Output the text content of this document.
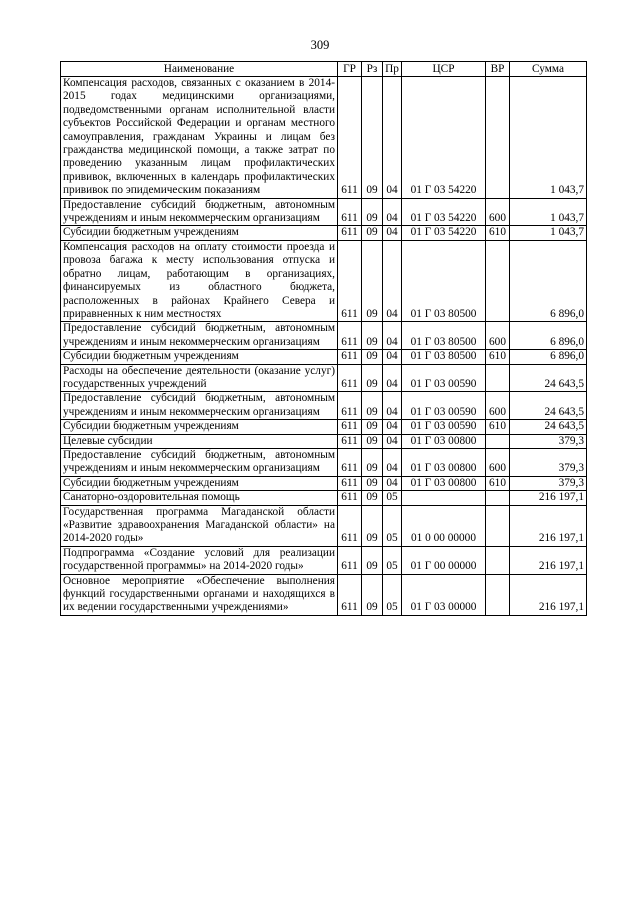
309
Наименование	ГР	Рз	Пр	ЦСР	ВР	Сумма
Компенсация расходов, связанных с оказанием в 2014-2015 годах медицинскими организациями, подведомственными органам исполнительной власти субъектов Российской Федерации и органам местного самоуправления, гражданам Украины и лицам без гражданства медицинской помощи, а также затрат по проведению указанным лицам профилактических прививок, включенных в календарь профилактических прививок по эпидемическим показаниям	611	09	04	01 Г 03 54220		1 043,7
Предоставление субсидий бюджетным, автономным учреждениям и иным некоммерческим организациям	611	09	04	01 Г 03 54220	600	1 043,7
Субсидии бюджетным учреждениям	611	09	04	01 Г 03 54220	610	1 043,7
Компенсация расходов на оплату стоимости проезда и провоза багажа к месту использования отпуска и обратно лицам, работающим в организациях, финансируемых из областного бюджета, расположенных в районах Крайнего Севера и приравненных к ним местностях	611	09	04	01 Г 03 80500		6 896,0
Предоставление субсидий бюджетным, автономным учреждениям и иным некоммерческим организациям	611	09	04	01 Г 03 80500	600	6 896,0
Субсидии бюджетным учреждениям	611	09	04	01 Г 03 80500	610	6 896,0
Расходы на обеспечение деятельности (оказание услуг) государственных учреждений	611	09	04	01 Г 03 00590		24 643,5
Предоставление субсидий бюджетным, автономным учреждениям и иным некоммерческим организациям	611	09	04	01 Г 03 00590	600	24 643,5
Субсидии бюджетным учреждениям	611	09	04	01 Г 03 00590	610	24 643,5
Целевые субсидии	611	09	04	01 Г 03 00800		379,3
Предоставление субсидий бюджетным, автономным учреждениям и иным некоммерческим организациям	611	09	04	01 Г 03 00800	600	379,3
Субсидии бюджетным учреждениям	611	09	04	01 Г 03 00800	610	379,3
Санаторно-оздоровительная помощь	611	09	05			216 197,1
Государственная программа Магаданской области «Развитие здравоохранения Магаданской области» на 2014-2020 годы»	611	09	05	01 0 00 00000		216 197,1
Подпрограмма «Создание условий для реализации государственной программы» на 2014-2020 годы»	611	09	05	01 Г 00 00000		216 197,1
Основное мероприятие «Обеспечение выполнения функций государственными органами и находящихся в их ведении государственными учреждениями»	611	09	05	01 Г 03 00000		216 197,1
